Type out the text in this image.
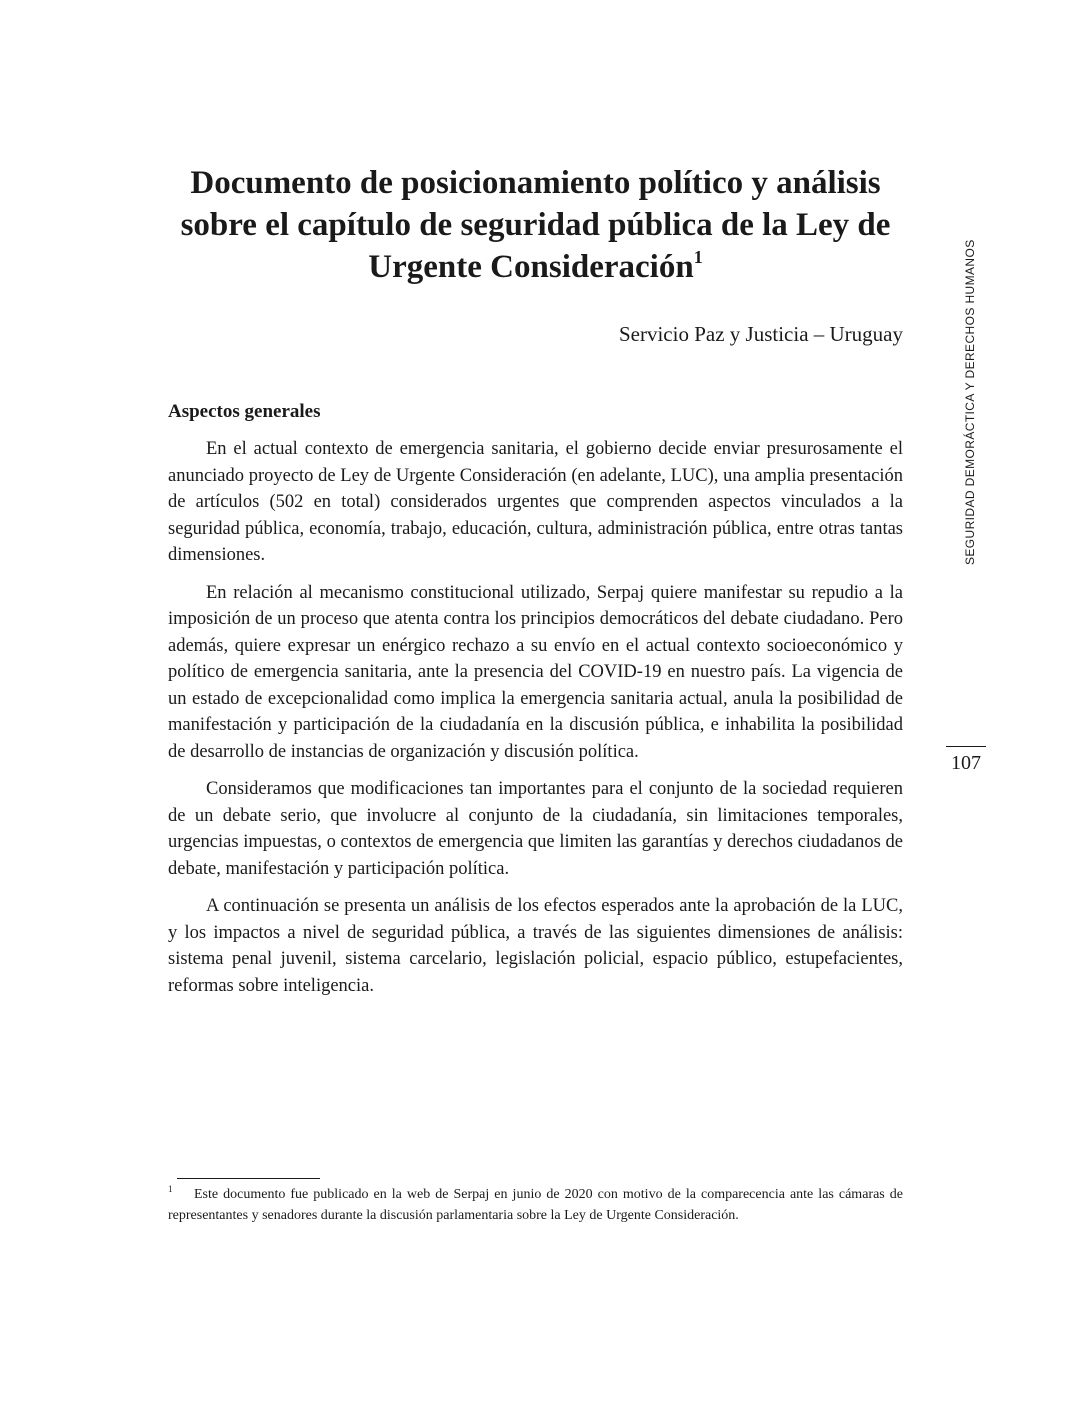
Documento de posicionamiento político y análisis sobre el capítulo de seguridad pública de la Ley de Urgente Consideración$^1$
Servicio Paz y Justicia – Uruguay
Aspectos generales

En el actual contexto de emergencia sanitaria, el gobierno decide enviar presurosamente el anunciado proyecto de Ley de Urgente Consideración (en adelante, LUC), una amplia presentación de artículos (502 en total) considerados urgentes que comprenden aspectos vinculados a la seguridad pública, economía, trabajo, educación, cultura, administración pública, entre otras tantas dimensiones.

En relación al mecanismo constitucional utilizado, Serpaj quiere manifestar su repudio a la imposición de un proceso que atenta contra los principios democráticos del debate ciudadano. Pero además, quiere expresar un enérgico rechazo a su envío en el actual contexto socioeconómico y político de emergencia sanitaria, ante la presencia del COVID-19 en nuestro país. La vigencia de un estado de excepcionalidad como implica la emergencia sanitaria actual, anula la posibilidad de manifestación y participación de la ciudadanía en la discusión pública, e inhabilita la posibilidad de desarrollo de instancias de organización y discusión política.

Consideramos que modificaciones tan importantes para el conjunto de la sociedad requieren de un debate serio, que involucre al conjunto de la ciudadanía, sin limitaciones temporales, urgencias impuestas, o contextos de emergencia que limiten las garantías y derechos ciudadanos de debate, manifestación y participación política.

A continuación se presenta un análisis de los efectos esperados ante la aprobación de la LUC, y los impactos a nivel de seguridad pública, a través de las siguientes dimensiones de análisis: sistema penal juvenil, sistema carcelario, legislación policial, espacio público, estupefacientes, reformas sobre inteligencia.

SEGURIDAD DEMORÁCTICA Y DERECHOS HUMANOS
107

1 Este documento fue publicado en la web de Serpaj en junio de 2020 con motivo de la comparecencia ante las cámaras de representantes y senadores durante la discusión parlamentaria sobre la Ley de Urgente Consideración.
